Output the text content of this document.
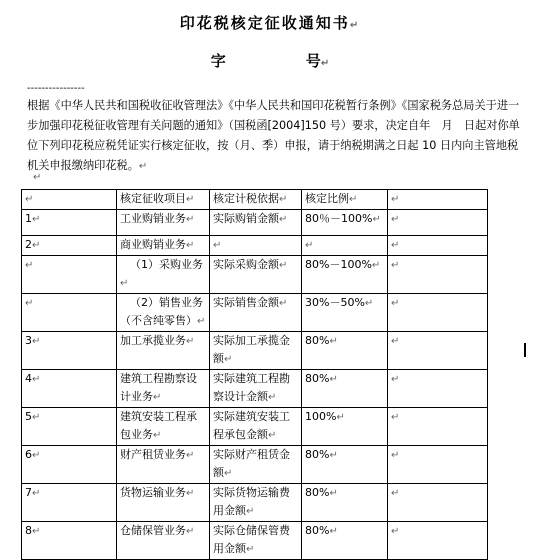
印花税核定征收通知书↵
字	号↵
----------------
根据《中华人民共和国税收征收管理法》《中华人民共和国印花税暂行条例》《国家税务总局关于进一步加强印花税征收管理有关问题的通知》（国税函[2004]150 号）要求，决定自年　月　日起对你单位下列印花税应税凭证实行核定征收，按（月、季）申报，请于纳税期满之日起 10 日内向主管地税机关申报缴纳印花税。↵
↵
↵	核定征收项目↵	核定计税依据↵	核定比例↵	↵
1↵	工业购销业务↵	实际购销金额↵	80％－100%↵	↵
2↵	商业购销业务↵	↵	↵	↵
↵	（1）采购业务↵	实际采购金额↵	80%－100%↵	↵
↵	（2）销售业务（不含纯零售）↵	实际销售金额↵	30%－50%↵	↵
3↵	加工承揽业务↵	实际加工承揽金额↵	80%↵	↵
4↵	建筑工程勘察设计业务↵	实际建筑工程勘察设计金额↵	80%↵	↵
5↵	建筑安装工程承包业务↵	实际建筑安装工程承包金额↵	100%↵	↵
6↵	财产租赁业务↵	实际财产租赁金额↵	80%↵	↵
7↵	货物运输业务↵	实际货物运输费用金额↵	80%↵	↵
8↵	仓储保管业务↵	实际仓储保管费用金额↵	80%↵	↵
